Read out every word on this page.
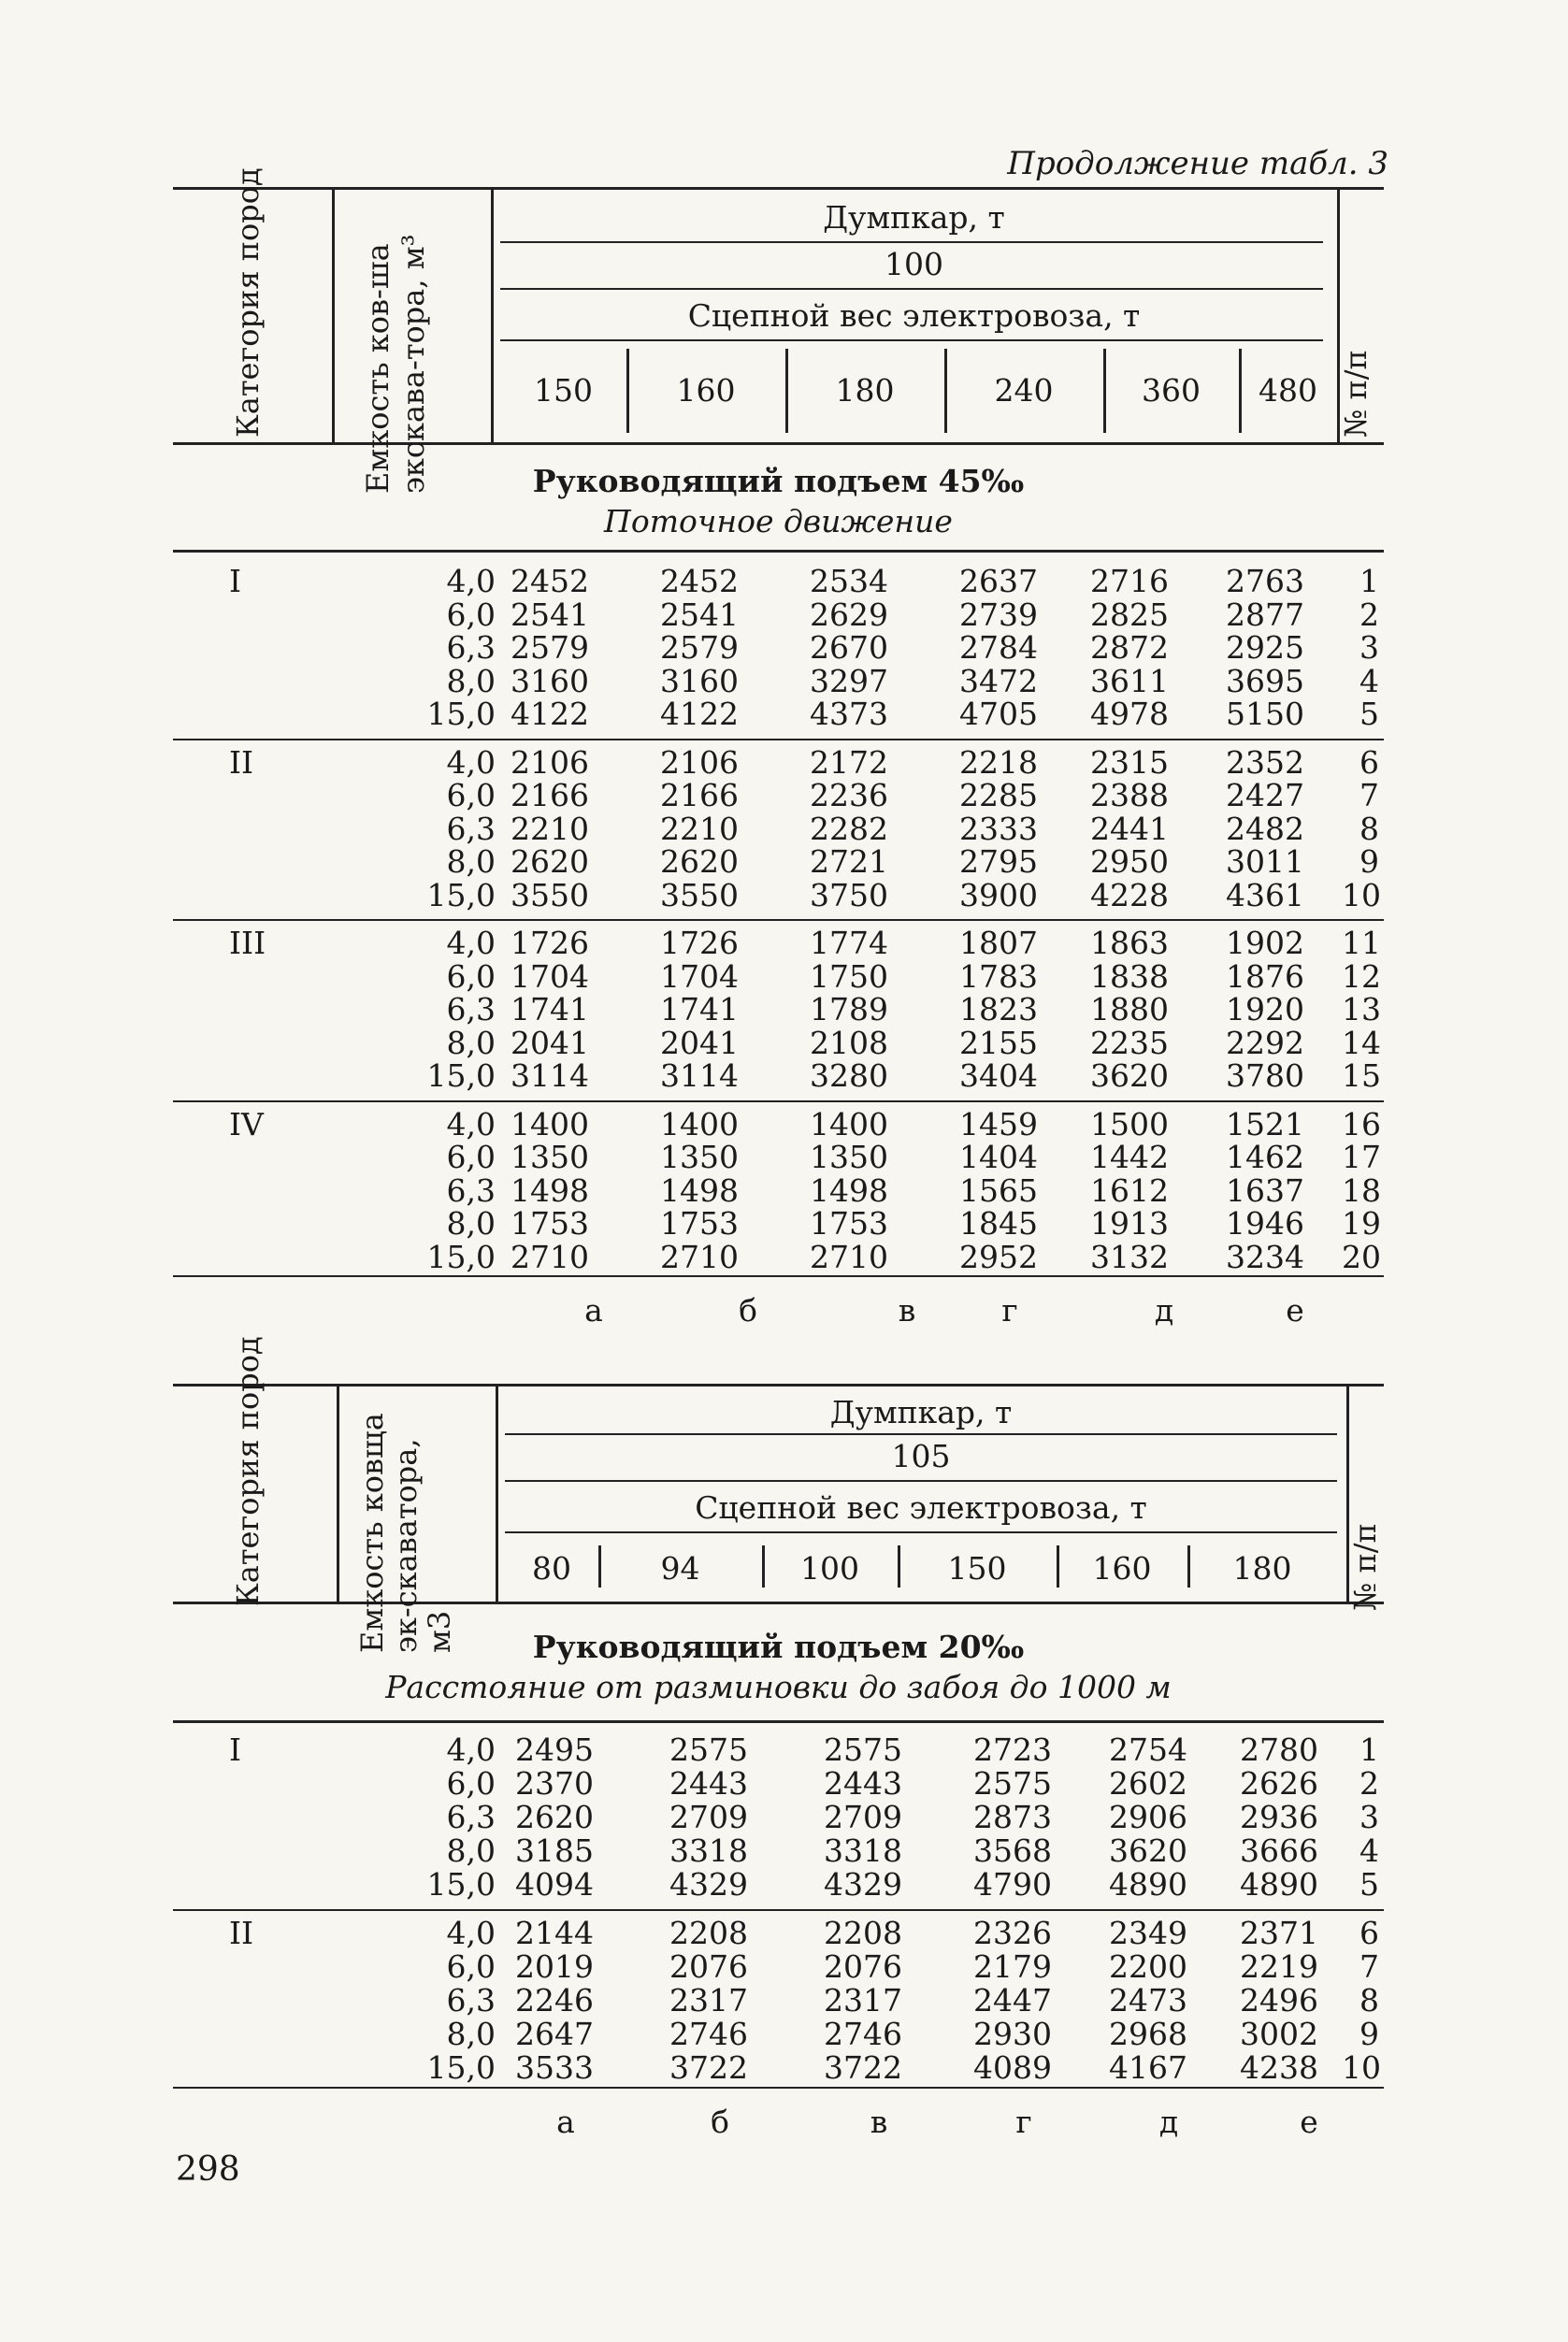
Продолжение табл. 3
Категория пород	Емкость ков-ша экскава-тора, м³
Думпкар, т
100
Сцепной вес электровоза, т
150	160	180	240	360	480 № п/п
Руководящий подъем 45‰
Поточное движение
I	4,0 2452	2452	2534	2637	2716	2763	1
6,0 2541	2541	2629	2739	2825	2877	2
6,3 2579	2579	2670	2784	2872	2925	3
8,0 3160	3160	3297	3472	3611	3695	4
15,0 4122	4122	4373	4705	4978	5150	5
II	4,0 2106	2106	2172	2218	2315	2352	6
6,0 2166	2166	2236	2285	2388	2427	7
6,3 2210	2210	2282	2333	2441	2482	8
8,0 2620	2620	2721	2795	2950	3011	9
15,0 3550	3550	3750	3900	4228	4361 10
III	4,0 1726	1726	1774	1807	1863	1902 11
6,0 1704	1704	1750	1783	1838	1876 12
6,3 1741	1741	1789	1823	1880	1920 13
8,0 2041	2041	2108	2155	2235	2292 14
15,0 3114	3114	3280	3404	3620	3780 15
IV	4,0 1400	1400	1400	1459	1500	1521 16
6,0 1350	1350	1350	1404	1442	1462 17
6,3 1498	1498	1498	1565	1612	1637 18
8,0 1753	1753	1753	1845	1913	1946 19
15,0 2710	2710	2710	2952	3132	3234 20
а	б	в	г	д	е
Категория пород	Емкость ковща эк-скаватора, м3
Думпкар, т
105
Сцепной вес электровоза, т
80	94	100	150	160	180	№ п/п
Руководящий подъем 20‰
Расстояние от разминовки до забоя до 1000 м
I	4,0 2495	2575	2575	2723	2754	2780	1
6,0 2370	2443	2443	2575	2602	2626	2
6,3 2620	2709	2709	2873	2906	2936	3
8,0 3185	3318	3318	3568	3620	3666	4
15,0 4094	4329	4329	4790	4890	4890	5
II	4,0 2144	2208	2208	2326	2349	2371	6
6,0 2019	2076	2076	2179	2200	2219	7
6,3 2246	2317	2317	2447	2473	2496	8
8,0 2647	2746	2746	2930	2968	3002	9
15,0 3533	3722	3722	4089	4167	4238 10
а	б	в	г	д	е
298
